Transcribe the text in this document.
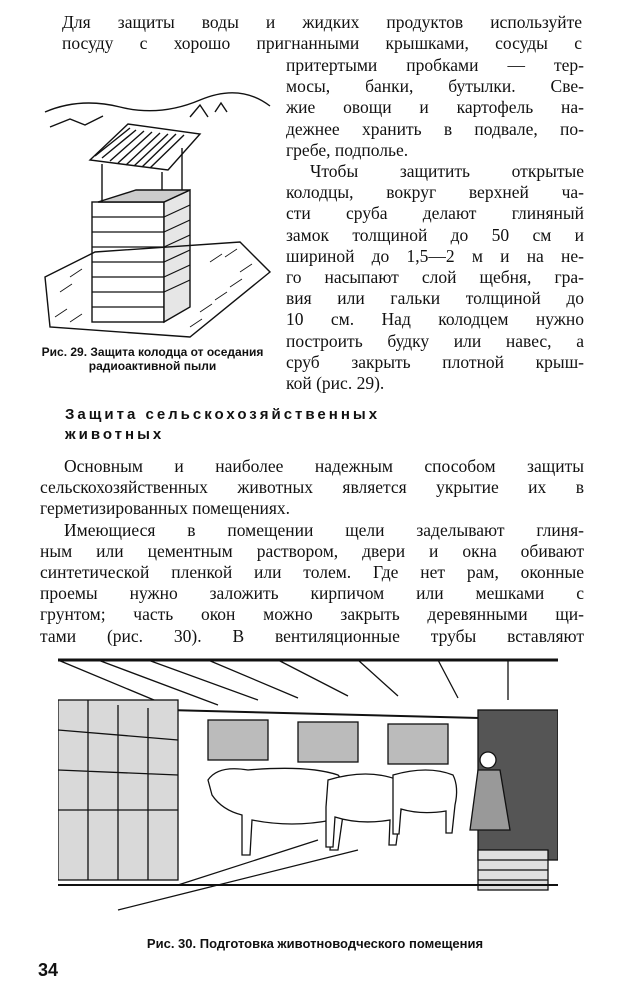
Для защиты воды и жидких продуктов используйте
посуду с хорошо пригнанными крышками, сосуды с
притертыми пробками — тер-
мосы, банки, бутылки. Све-
жие овощи и картофель на-
дежнее хранить в подвале, по-
гребе, подполье.
Чтобы защитить открытые
колодцы, вокруг верхней ча-
сти сруба делают глиняный
замок толщиной до 50 см и
шириной до 1,5—2 м и на не-
го насыпают слой щебня, гра-
вия или гальки толщиной до
10 см. Над колодцем нужно
построить будку или навес, а
сруб закрыть плотной крыш-
кой (рис. 29).
Рис. 29. Защита колодца от оседания радиоактивной пыли
Защита сельскохозяйственных
животных
Основным и наиболее надежным способом защиты
сельскохозяйственных животных является укрытие их в
герметизированных помещениях.
Имеющиеся в помещении щели заделывают глиня-
ным или цементным раствором, двери и окна обивают
синтетической пленкой или толем. Где нет рам, оконные
проемы нужно заложить кирпичом или мешками с
грунтом; часть окон можно закрыть деревянными щи-
тами (рис. 30). В вентиляционные трубы вставляют
Рис. 30. Подготовка животноводческого помещения
34
